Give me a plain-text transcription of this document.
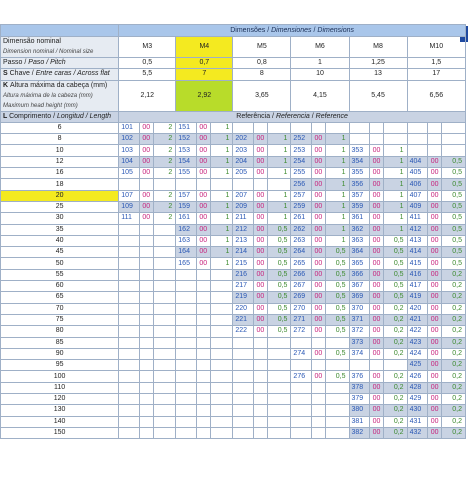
	Dimensões / Dimensiones / Dimensions																	

Dimensão nominal
Dimension nominal / Nominal size	M3			M4			M5			M6			M8			M10		
Passo / Paso / Pitch	0,5			0,7			0,8			1			1,25			1,5		
S Chave / Entre caras / Across flat	5,5			7			8			10			13			17		

K Altura máxima da cabeça (mm)
Altura máxima de la cabeza (mm)
Maximum head height (mm)	2,12			2,92			3,65			4,15			5,45			6,56		
L Comprimento / Longitud / Length	Referência / Referencia / Reference																	
6	101	00	2	151	00	1												
8	102	00	2	152	00	1	202	00	1	252	00	1						
10	103	00	2	153	00	1	203	00	1	253	00	1	353	00	1			
12	104	00	2	154	00	1	204	00	1	254	00	1	354	00	1	404	00	0,5
16	105	00	2	155	00	1	205	00	1	255	00	1	355	00	1	405	00	0,5
18										256	00	1	356	00	1	406	00	0,5
20	107	00	2	157	00	1	207	00	1	257	00	1	357	00	1	407	00	0,5
25	109	00	2	159	00	1	209	00	1	259	00	1	359	00	1	409	00	0,5
30	111	00	2	161	00	1	211	00	1	261	00	1	361	00	1	411	00	0,5
35				162	00	1	212	00	0,5	262	00	1	362	00	1	412	00	0,5
40				163	00	1	213	00	0,5	263	00	1	363	00	0,5	413	00	0,5
45				164	00	1	214	00	0,5	264	00	0,5	364	00	0,5	414	00	0,5
50				165	00	1	215	00	0,5	265	00	0,5	365	00	0,5	415	00	0,5
55							216	00	0,5	266	00	0,5	366	00	0,5	416	00	0,2
60							217	00	0,5	267	00	0,5	367	00	0,5	417	00	0,2
65							219	00	0,5	269	00	0,5	369	00	0,5	419	00	0,2
70							220	00	0,5	270	00	0,5	370	00	0,2	420	00	0,2
75							221	00	0,5	271	00	0,5	371	00	0,2	421	00	0,2
80							222	00	0,5	272	00	0,5	372	00	0,2	422	00	0,2
85													373	00	0,2	423	00	0,2
90										274	00	0,5	374	00	0,2	424	00	0,2
95																425	00	0,2
100										276	00	0,5	376	00	0,2	426	00	0,2
110													378	00	0,2	428	00	0,2
120													379	00	0,2	429	00	0,2
130													380	00	0,2	430	00	0,2
140													381	00	0,2	431	00	0,2
150													382	00	0,2	432	00	0,2
